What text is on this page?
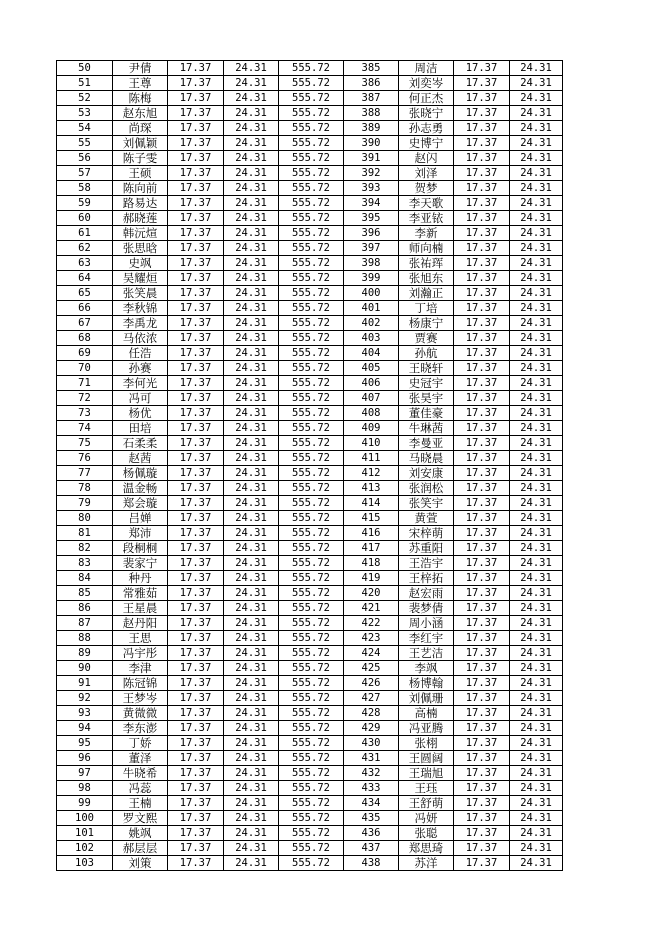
50	尹倩	17.37	24.31	555.72	385	周洁	17.37	24.31
51	王尊	17.37	24.31	555.72	386	刘奕岑	17.37	24.31
52	陈梅	17.37	24.31	555.72	387	何正杰	17.37	24.31
53	赵东旭	17.37	24.31	555.72	388	张晓宁	17.37	24.31
54	尚琛	17.37	24.31	555.72	389	孙志勇	17.37	24.31
55	刘佩颖	17.37	24.31	555.72	390	史博宁	17.37	24.31
56	陈子雯	17.37	24.31	555.72	391	赵闪	17.37	24.31
57	王硕	17.37	24.31	555.72	392	刘泽	17.37	24.31
58	陈向前	17.37	24.31	555.72	393	贺梦	17.37	24.31
59	路易达	17.37	24.31	555.72	394	李天歌	17.37	24.31
60	郝晓莲	17.37	24.31	555.72	395	李亚铱	17.37	24.31
61	韩沅煊	17.37	24.31	555.72	396	李新	17.37	24.31
62	张思晗	17.37	24.31	555.72	397	师向楠	17.37	24.31
63	史飒	17.37	24.31	555.72	398	张祐珲	17.37	24.31
64	吴耀烜	17.37	24.31	555.72	399	张旭东	17.37	24.31
65	张笑晨	17.37	24.31	555.72	400	刘瀚正	17.37	24.31
66	李秋锦	17.37	24.31	555.72	401	丁培	17.37	24.31
67	李禹龙	17.37	24.31	555.72	402	杨康宁	17.37	24.31
68	马依浓	17.37	24.31	555.72	403	贾赛	17.37	24.31
69	任浩	17.37	24.31	555.72	404	孙航	17.37	24.31
70	孙赛	17.37	24.31	555.72	405	王晓轩	17.37	24.31
71	李何光	17.37	24.31	555.72	406	史冠宇	17.37	24.31
72	冯可	17.37	24.31	555.72	407	张昊宇	17.37	24.31
73	杨优	17.37	24.31	555.72	408	董佳豪	17.37	24.31
74	田培	17.37	24.31	555.72	409	牛琳茜	17.37	24.31
75	石柔柔	17.37	24.31	555.72	410	李曼亚	17.37	24.31
76	赵茜	17.37	24.31	555.72	411	马晓晨	17.37	24.31
77	杨佩璇	17.37	24.31	555.72	412	刘安康	17.37	24.31
78	温金畅	17.37	24.31	555.72	413	张润松	17.37	24.31
79	郑会璇	17.37	24.31	555.72	414	张笑宇	17.37	24.31
80	吕婵	17.37	24.31	555.72	415	黄萱	17.37	24.31
81	郑沛	17.37	24.31	555.72	416	宋梓萌	17.37	24.31
82	段桐桐	17.37	24.31	555.72	417	苏重阳	17.37	24.31
83	裴家宁	17.37	24.31	555.72	418	王浩宇	17.37	24.31
84	种丹	17.37	24.31	555.72	419	王梓拓	17.37	24.31
85	常雅茹	17.37	24.31	555.72	420	赵宏雨	17.37	24.31
86	王星晨	17.37	24.31	555.72	421	裴梦倩	17.37	24.31
87	赵丹阳	17.37	24.31	555.72	422	周小涵	17.37	24.31
88	王思	17.37	24.31	555.72	423	李红宇	17.37	24.31
89	冯宇彤	17.37	24.31	555.72	424	王艺洁	17.37	24.31
90	李津	17.37	24.31	555.72	425	李飒	17.37	24.31
91	陈冠锦	17.37	24.31	555.72	426	杨博翰	17.37	24.31
92	王梦岑	17.37	24.31	555.72	427	刘佩珊	17.37	24.31
93	黄微微	17.37	24.31	555.72	428	高楠	17.37	24.31
94	李东澎	17.37	24.31	555.72	429	冯亚腾	17.37	24.31
95	丁娇	17.37	24.31	555.72	430	张栩	17.37	24.31
96	董泽	17.37	24.31	555.72	431	王圆阔	17.37	24.31
97	牛晓希	17.37	24.31	555.72	432	王瑞旭	17.37	24.31
98	冯蕊	17.37	24.31	555.72	433	王珏	17.37	24.31
99	王楠	17.37	24.31	555.72	434	王舒萌	17.37	24.31
100	罗文熙	17.37	24.31	555.72	435	冯妍	17.37	24.31
101	姚飒	17.37	24.31	555.72	436	张聪	17.37	24.31
102	郝层层	17.37	24.31	555.72	437	郑思琦	17.37	24.31
103	刘策	17.37	24.31	555.72	438	苏洋	17.37	24.31
